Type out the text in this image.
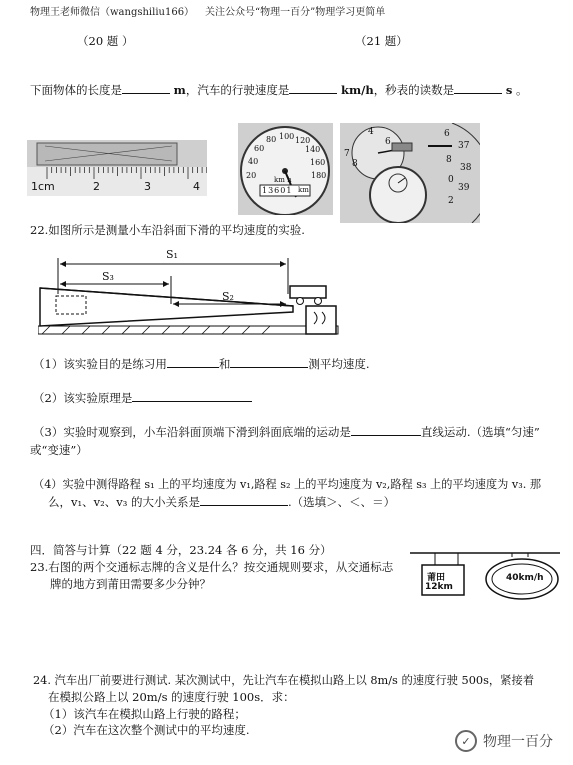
物理王老师微信（wangshiliu166） 关注公众号“物理一百分”物理学习更简单
（20 题 ）	（21 题）
下面物体的长度是	m，汽车的行驶速度是	km/h，秒表的读数是	s 。
1cm	2	3	4
20
40
60
80 100 120
140
160
180
km h
13601 km
4
6
7
8
6
37
8
38
0
39
2
22.如图所示是测量小车沿斜面下滑的平均速度的实验.
S₁
S₃
S₂
（1）该实验目的是练习用	和	测平均速度.
（2）该实验原理是
（3）实验时观察到，小车沿斜面顶端下滑到斜面底端的运动是	直线运动.（选填“匀速”
或“变速”）
（4）实验中测得路程 s₁ 上的平均速度为 v₁,路程 s₂ 上的平均速度为 v₂,路程 s₃ 上的平均速度为 v₃. 那
么，v₁、v₂、v₃ 的大小关系是	.（选填＞、＜、＝）
四．简答与计算（22 题 4 分，23.24 各 6 分，共 16 分）
23.右图的两个交通标志牌的含义是什么？按交通规则要求，从交通标志
牌的地方到莆田需要多少分钟？	莆田
12km
40km/h
24. 汽车出厂前要进行测试. 某次测试中，先让汽车在模拟山路上以 8m/s 的速度行驶 500s，紧接着
在模拟公路上以 20m/s 的速度行驶 100s．求：
（1）该汽车在模拟山路上行驶的路程；
（2）汽车在这次整个测试中的平均速度.
✓ 物理一百分
